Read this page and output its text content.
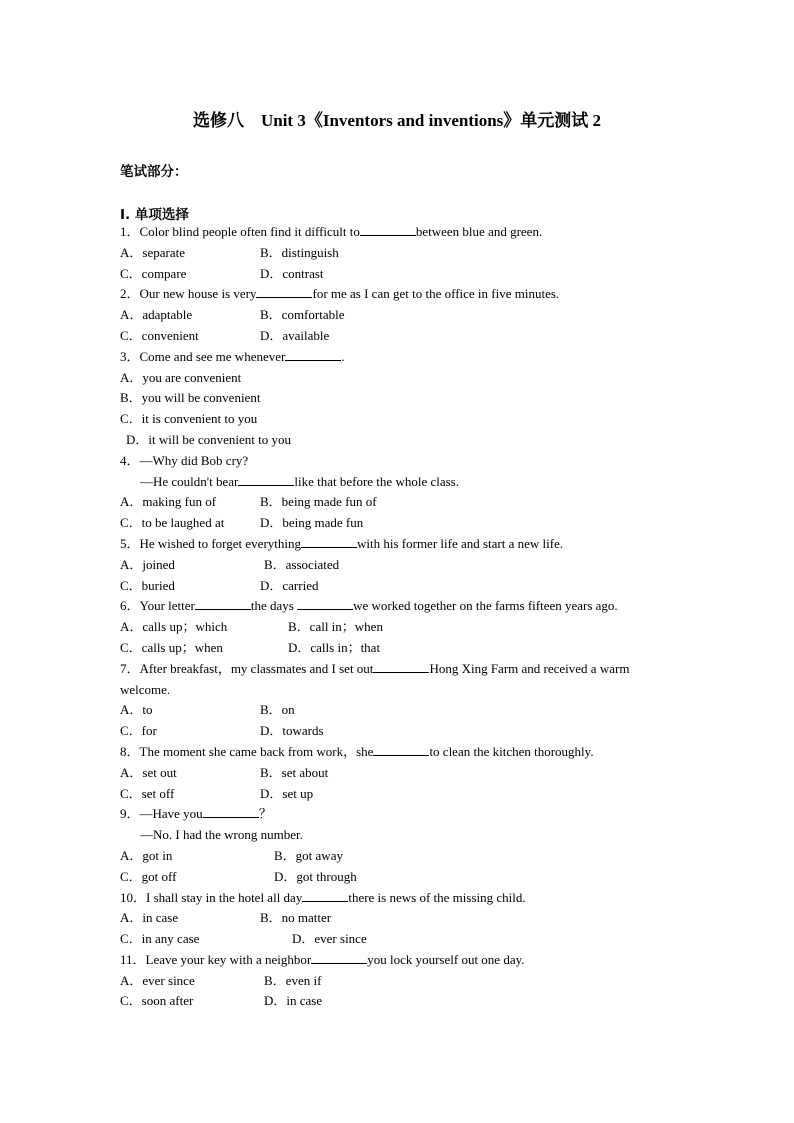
选修八　Unit 3《Inventors and inventions》单元测试 2
笔试部分：
I. 单项选择
1．Color blind people often find it difficult to	between blue and green.
A．separate	B．distinguish
C．compare	D．contrast
2．Our new house is very	for me as I can get to the office in five minutes.
A．adaptable	B．comfortable
C．convenient	D．available
3．Come and see me whenever	.
A．you are convenient
B．you will be convenient
C．it is convenient to you
D．it will be convenient to you
4．—Why did Bob cry?
—He couldn't bear	like that before the whole class.
A．making fun of	B．being made fun of
C．to be laughed at	D．being made fun
5．He wished to forget everything	with his former life and start a new life.
A．joined	B．associated
C．buried	D．carried
6．Your letter	the days	we worked together on the farms fifteen years ago.
A．calls up；which	B．call in；when
C．calls up；when	D．calls in；that
7．After breakfast，my classmates and I set out	Hong Xing Farm and received a warm
welcome.
A．to	B．on
C．for	D．towards
8．The moment she came back from work，she	to clean the kitchen thoroughly.
A．set out	B．set about
C．set off	D．set up
9．—Have you	？
—No. I had the wrong number.
A．got in	B．got away
C．got off	D．got through
10．I shall stay in the hotel all day	there is news of the missing child.
A．in case	B．no matter
C．in any case	D．ever since
11．Leave your key with a neighbor	you lock yourself out one day.
A．ever since	B．even if
C．soon after	D．in case
